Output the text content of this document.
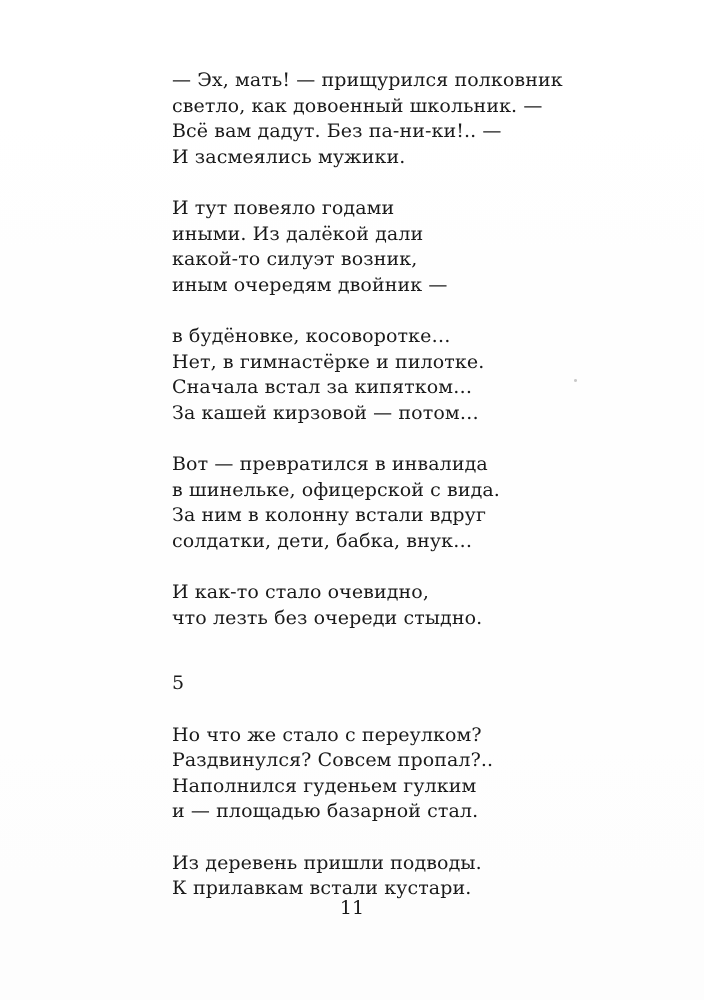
— Эх, мать! — прищурился полковник
светло, как довоенный школьник. —
Всё вам дадут. Без па-ни-ки!.. —
И засмеялись мужики.
И тут повеяло годами
иными. Из далёкой дали
какой-то силуэт возник,
иным очередям двойник —
в будёновке, косоворотке…
Нет, в гимнастёрке и пилотке.
Сначала встал за кипятком…
За кашей кирзовой — потом…
Вот — превратился в инвалида
в шинельке, офицерской с вида.
За ним в колонну встали вдруг
солдатки, дети, бабка, внук…
И как-то стало очевидно,
что лезть без очереди стыдно.
5
Но что же стало с переулком?
Раздвинулся? Совсем пропал?..
Наполнился гуденьем гулким
и — площадью базарной стал.
Из деревень пришли подводы.
К прилавкам встали кустари.
11
